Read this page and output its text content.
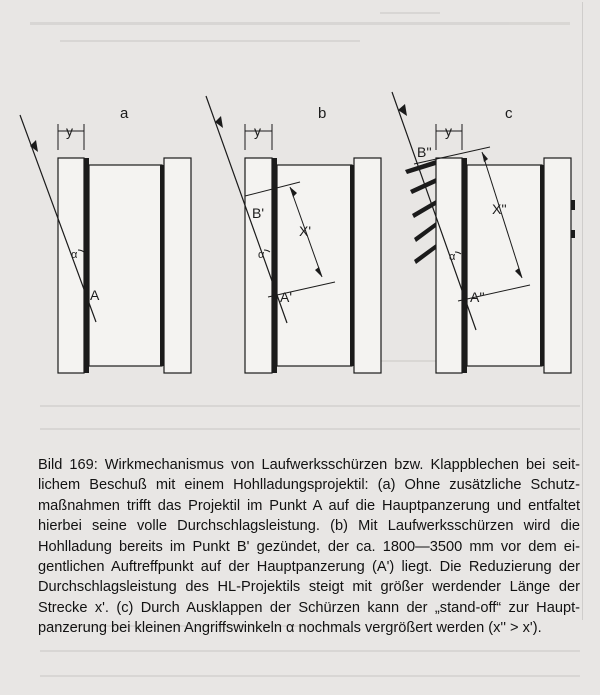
a
y
α
A
b
y
X'
B'
α
A'
c
y
X''
B''
α
A''
Bild 169: Wirkmechanismus von Laufwerksschürzen bzw. Klappblechen bei seit-
lichem Beschuß mit einem Hohlladungsprojektil: (a) Ohne zusätzliche Schutz-
maßnahmen trifft das Projektil im Punkt A auf die Hauptpanzerung und entfaltet
hierbei seine volle Durchschlagsleistung. (b) Mit Laufwerksschürzen wird die
Hohlladung bereits im Punkt B' gezündet, der ca. 1800—3500 mm vor dem ei-
gentlichen Auftreffpunkt auf der Hauptpanzerung (A') liegt. Die Reduzierung der
Durchschlagsleistung des HL-Projektils steigt mit größer werdender Länge der
Strecke x'. (c) Durch Ausklappen der Schürzen kann der „stand-off“ zur Haupt-
panzerung bei kleinen Angriffswinkeln α nochmals vergrößert werden (x'' > x').
